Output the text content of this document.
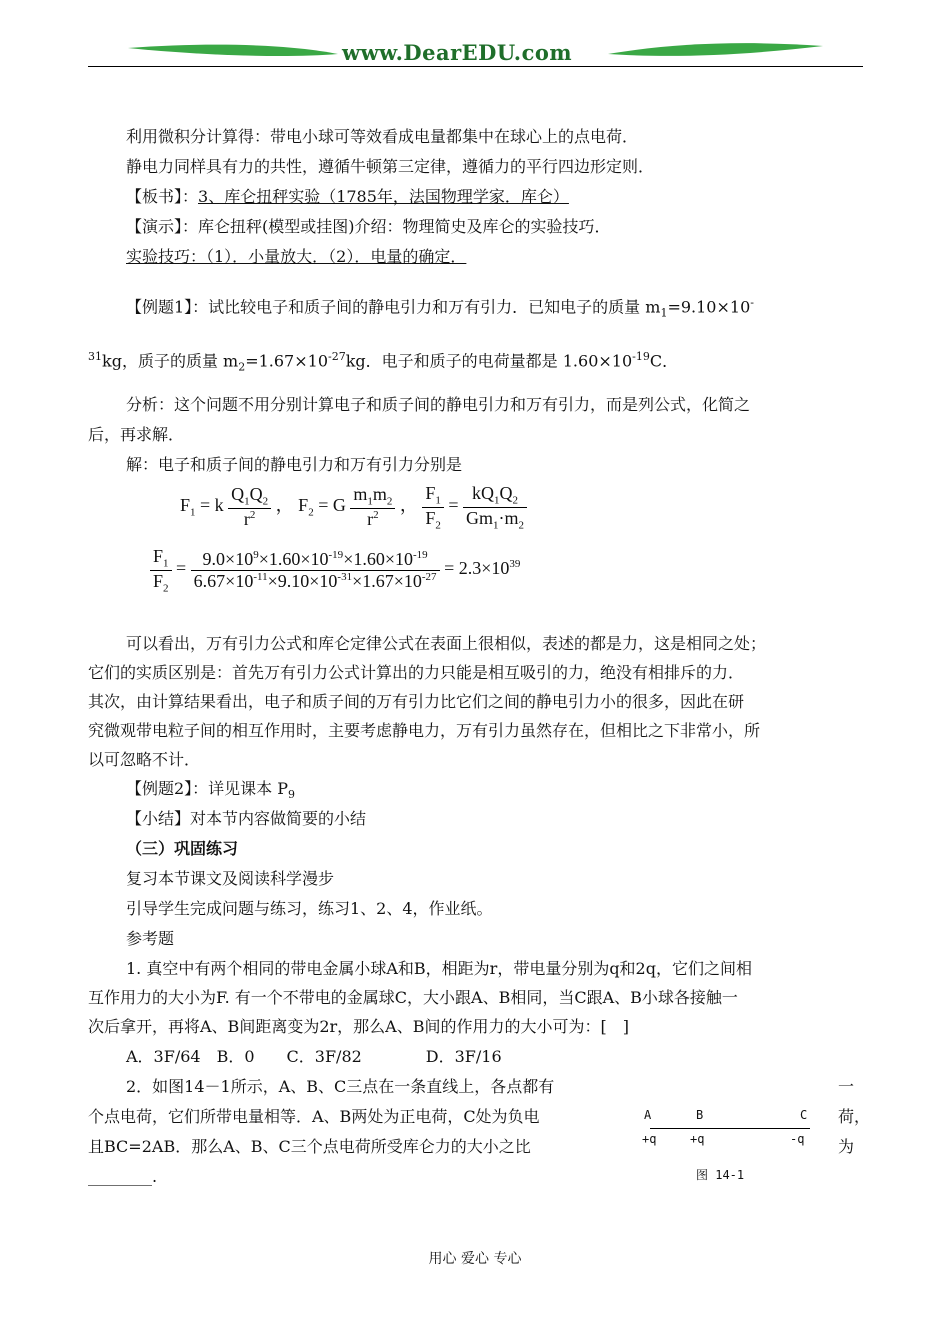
www.DearEDU.com
利用微积分计算得：带电小球可等效看成电量都集中在球心上的点电荷．
静电力同样具有力的共性，遵循牛顿第三定律，遵循力的平行四边形定则．
【板书】：3、库仑扭秤实验（1785年，法国物理学家．库仑）
【演示】：库仑扭秤(模型或挂图)介绍：物理简史及库仑的实验技巧．
实验技巧：（1）．小量放大．（2）．电量的确定．
【例题1】：试比较电子和质子间的静电引力和万有引力．已知电子的质量 $m_1=9.10\times 10^-$
$^{31}$kg，质子的质量 $m_2=1.67\times 10^{-27}kg$．电子和质子的电荷量都是 $1.60\times 10^{-19}C$．
分析：这个问题不用分别计算电子和质子间的静电引力和万有引力，而是列公式，化简之
后，再求解．
解：电子和质子间的静电引力和万有引力分别是
$F_1 = k \frac{Q_1Q_2}{r^2}$ ， $F_2 = G \frac{m_1m_2}{r^2}$ ， $\frac{F_1}{F_2} = \frac{kQ_1Q_2}{Gm_1\cdot m_2}$
$\frac{F_1}{F_2} = \frac{9.0\times 10^9\times 1.60\times 10^{-19}\times 1.60\times 10^{-19}}{6.67\times 10^{-11}\times 9.10\times 10^{-31}\times 1.67\times 10^{-27}} = 2.3\times 10^{39}$
可以看出，万有引力公式和库仑定律公式在表面上很相似，表述的都是力，这是相同之处；
它们的实质区别是：首先万有引力公式计算出的力只能是相互吸引的力，绝没有相排斥的力．
其次，由计算结果看出，电子和质子间的万有引力比它们之间的静电引力小的很多，因此在研
究微观带电粒子间的相互作用时，主要考虑静电力，万有引力虽然存在，但相比之下非常小，所
以可忽略不计．
【例题2】：详见课本 $P_9$
【小结】对本节内容做简要的小结
（三）巩固练习
复习本节课文及阅读科学漫步
引导学生完成问题与练习，练习1、2、4，作业纸。
参考题
1. 真空中有两个相同的带电金属小球A和B，相距为r，带电量分别为q和2q，它们之间相
互作用力的大小为F. 有一个不带电的金属球C，大小跟A、B相同，当C跟A、B小球各接触一
次后拿开，再将A、B间距离变为2r，那么A、B间的作用力的大小可为：[　]
A．3F/64　B．0　　C．3F/82　　　　D．3F/16
2．如图14－1所示，A、B、C三点在一条直线上，各点都有	一
个点电荷，它们所带电量相等．A、B两处为正电荷，C处为负电	荷，
且BC=2AB．那么A、B、C三个点电荷所受库仑力的大小之比	为
________.
A	B	C
+q	+q	-q
图 14-1
用心 爱心 专心
